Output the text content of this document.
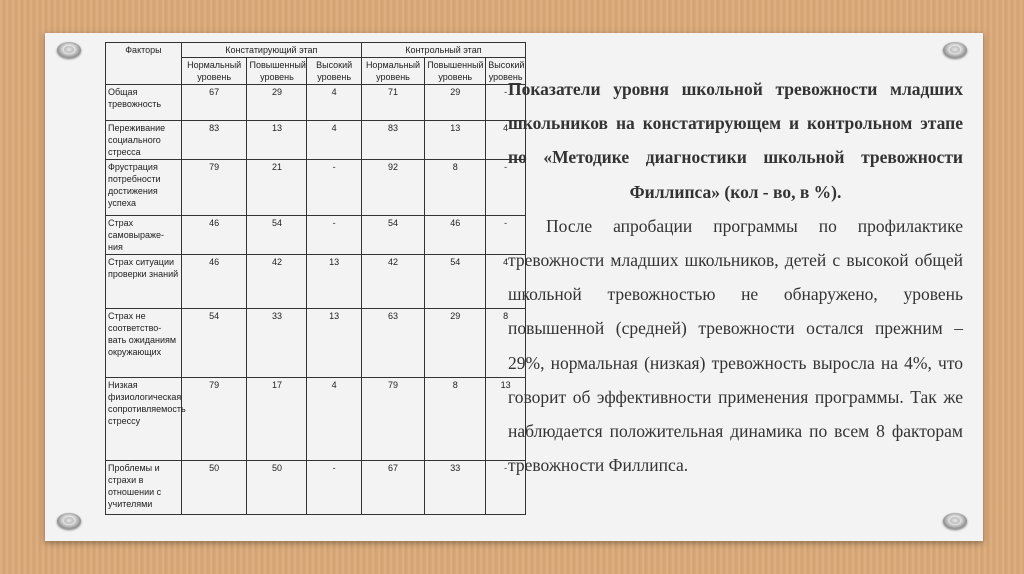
Факторы	Констатирующий этап			Контрольный этап		
	Нормальный уровень	Повышенный уровень	Высокий уровень	Нормальный уровень	Повышенный уровень	Высокий уровень
Общая тревожность	67	29	4	71	29	-
Переживание социального стресса	83	13	4	83	13	4
Фрустрация потребности достижения успеха	79	21	-	92	8	-
Страх самовыраже-ния	46	54	-	54	46	-
Страх ситуации проверки знаний	46	42	13	42	54	4
Страх не соответство-вать ожиданиям окружающих	54	33	13	63	29	8
Низкая физиологическая сопротивляемость стрессу	79	17	4	79	8	13
Проблемы и страхи в отношении с учителями	50	50	-	67	33	-

Показатели уровня школьной тревожности младших школьников на констатирующем и контрольном этапе по «Методике диагностики школьной тревожности Филлипса» (кол - во, в %).

После апробации программы по профилактике тревожности младших школьников, детей с высокой общей школьной тревожностью не обнаружено, уровень повышенной (средней) тревожности остался прежним – 29%, нормальная (низкая) тревожность выросла на 4%, что говорит об эффективности применения программы. Так же наблюдается положительная динамика по всем 8 факторам тревожности Филлипса.
